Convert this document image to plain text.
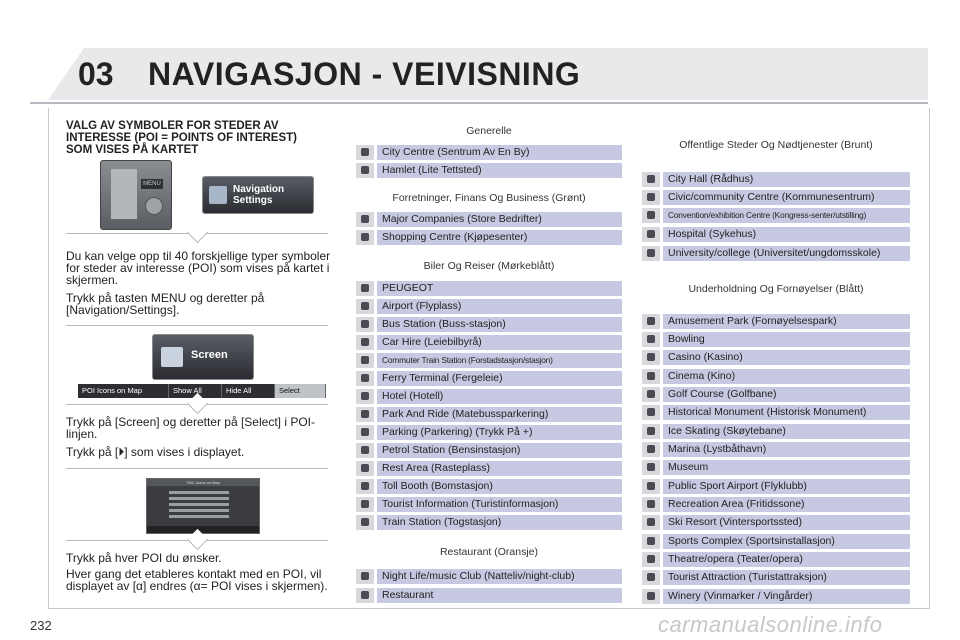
03 NAVIGASJON - VEIVISNING
VALG AV SYMBOLER FOR STEDER AV INTERESSE (POI = POINTS OF INTEREST) SOM VISES PÅ KARTET
MENU	Navigation
Settings
Du kan velge opp til 40 forskjellige typer symboler for steder av interesse (POI) som vises på kartet i skjermen.
Trykk på tasten MENU og deretter på [Navigation/Settings].
Screen
POI Icons on Map	Show All	Hide All	Select
Trykk på [Screen] og deretter på [Select] i POI-linjen.
Trykk på [⏵] som vises i displayet.
TMC Icons on Map
Trykk på hver POI du ønsker.
Hver gang det etableres kontakt med en POI, vil displayet av [α] endres (α= POI vises i skjermen).
Generelle
City Centre (Sentrum Av En By)
Hamlet (Lite Tettsted)
Forretninger, Finans Og Business (Grønt)
Major Companies (Store Bedrifter)
Shopping Centre (Kjøpesenter)
Biler Og Reiser (Mørkeblått)
PEUGEOT
Airport (Flyplass)
Bus Station (Buss-stasjon)
Car Hire (Leiebilbyrå)
Commuter Train Station (Forstadstasjon/stasjon)
Ferry Terminal (Fergeleie)
Hotel (Hotell)
Park And Ride (Matebussparkering)
Parking (Parkering) (Trykk På +)
Petrol Station (Bensinstasjon)
Rest Area (Rasteplass)
Toll Booth (Bomstasjon)
Tourist Information (Turistinformasjon)
Train Station (Togstasjon)
Restaurant (Oransje)
Night Life/music Club (Natteliv/night-club)
Restaurant
Offentlige Steder Og Nødtjenester (Brunt)
City Hall (Rådhus)
Civic/community Centre (Kommunesentrum)
Convention/exhibition Centre (Kongress-senter/utstilling)
Hospital (Sykehus)
University/college (Universitet/ungdomsskole)
Underholdning Og Fornøyelser (Blått)
Amusement Park (Fornøyelsespark)
Bowling
Casino (Kasino)
Cinema (Kino)
Golf Course (Golfbane)
Historical Monument (Historisk Monument)
Ice Skating (Skøytebane)
Marina (Lystbåthavn)
Museum
Public Sport Airport (Flyklubb)
Recreation Area (Fritidssone)
Ski Resort (Vintersportssted)
Sports Complex (Sportsinstallasjon)
Theatre/opera (Teater/opera)
Tourist Attraction (Turistattraksjon)
Winery (Vinmarker / Vingårder)
232	carmanualsonline.info
